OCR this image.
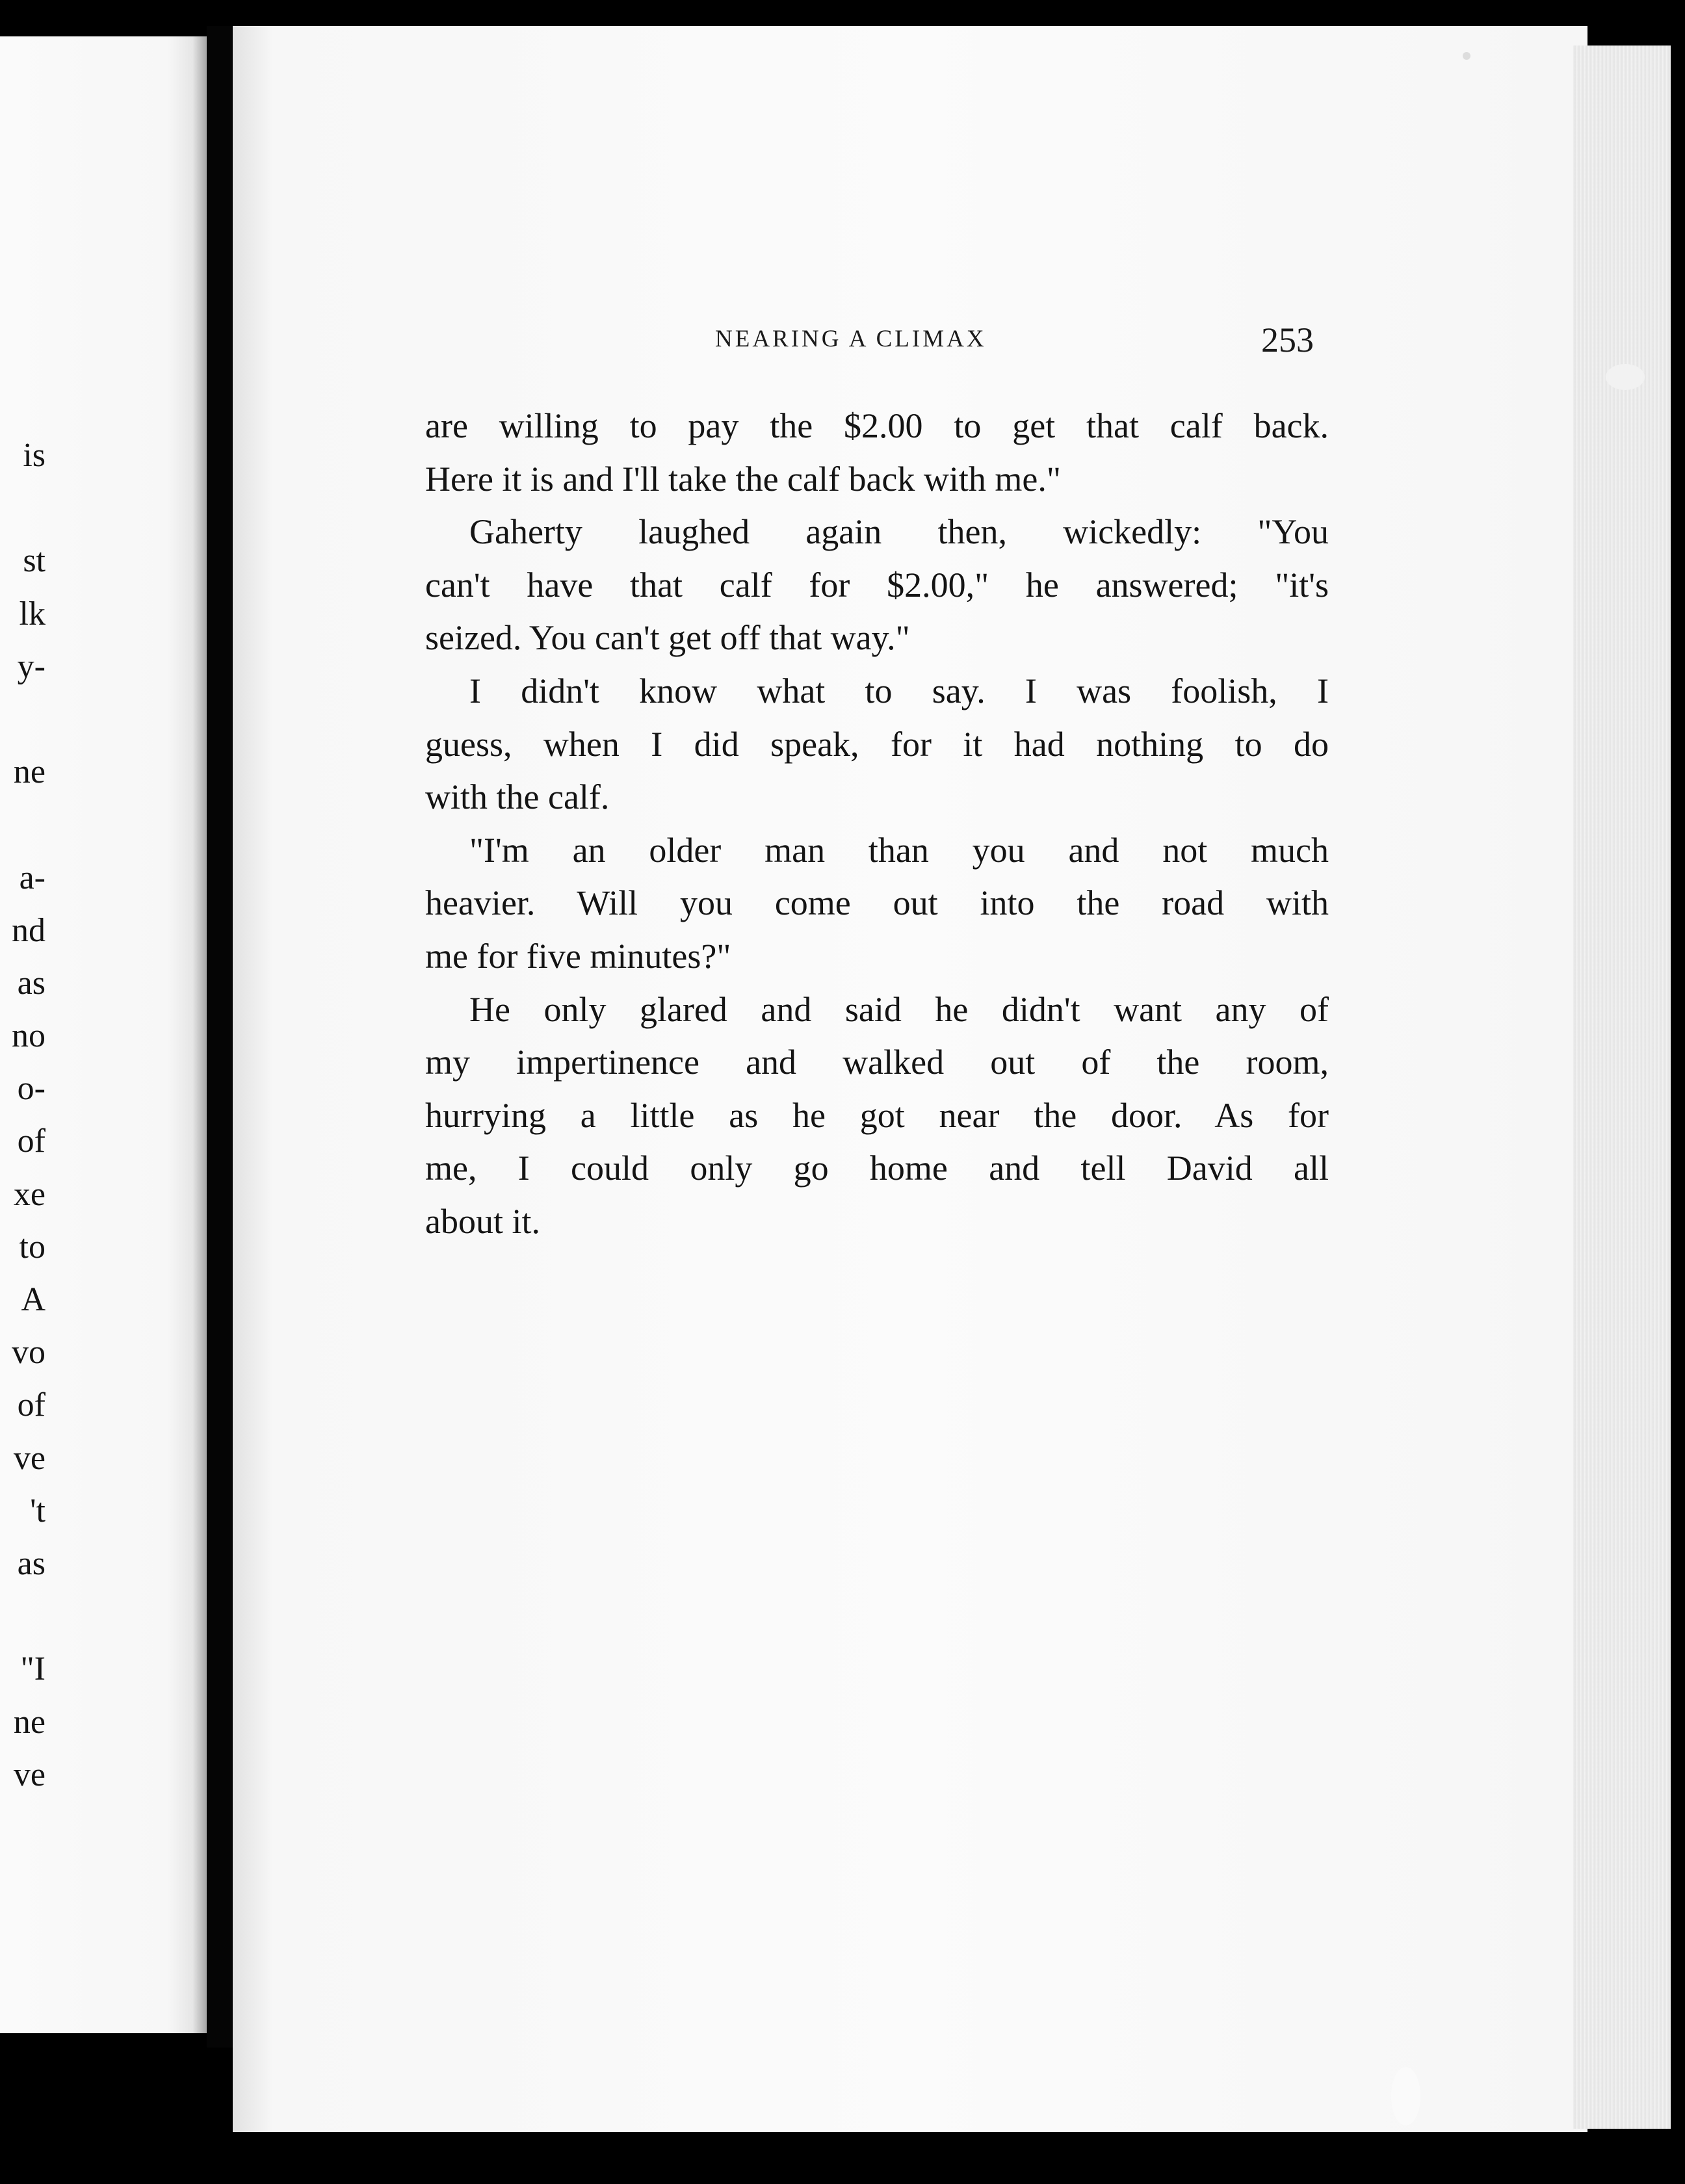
is
st
lk
y-
ne
a-
nd
as
no
o-
of
xe
to
A
vo
of
ve
't
as
"I
ne
ve
NEARING A CLIMAX	253
are willing to pay the $2.00 to get that calf back.
Here it is and I'll take the calf back with me."
Gaherty laughed again then, wickedly: "You
can't have that calf for $2.00," he answered; "it's
seized. You can't get off that way."
I didn't know what to say. I was foolish, I
guess, when I did speak, for it had nothing to do
with the calf.
"I'm an older man than you and not much
heavier. Will you come out into the road with
me for five minutes?"
He only glared and said he didn't want any of
my impertinence and walked out of the room,
hurrying a little as he got near the door. As for
me, I could only go home and tell David all
about it.
